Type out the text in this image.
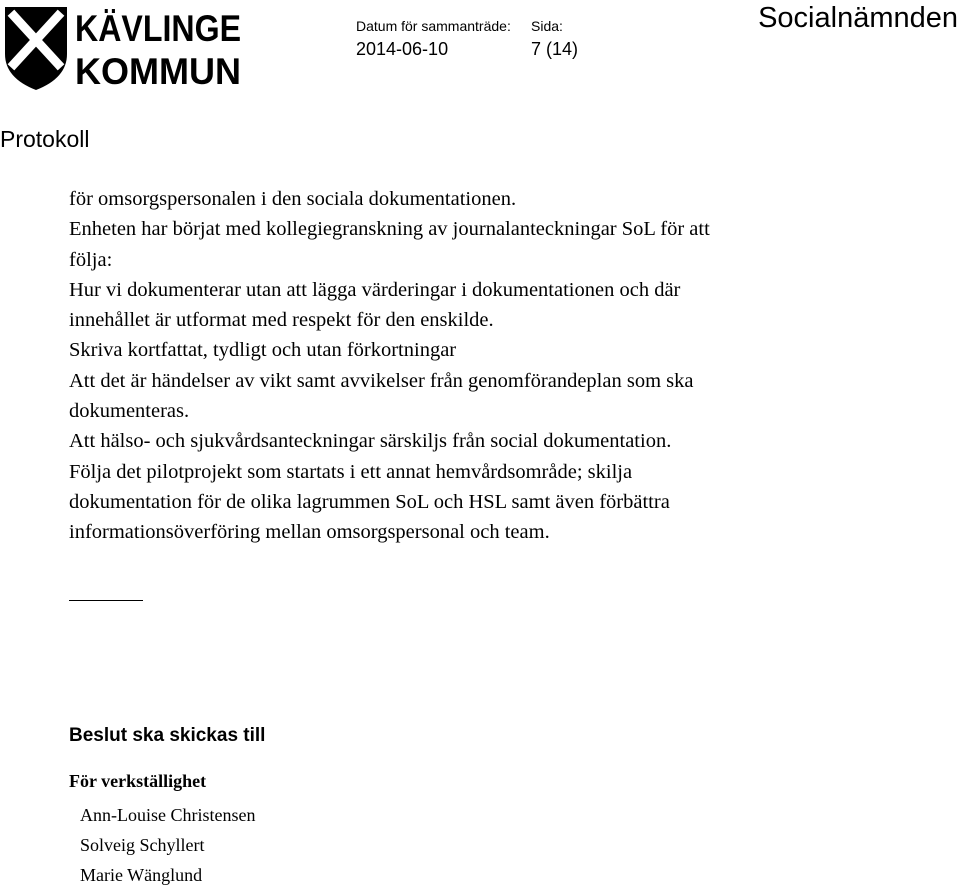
KÄVLINGE
KOMMUN
Datum för sammanträde:
2014-06-10
Sida:
7 (14)
Socialnämnden
Protokoll

för omsorgspersonalen i den sociala dokumentationen.

Enheten har börjat med kollegiegranskning av journalanteckningar SoL för att

följa:

Hur vi dokumenterar utan att lägga värderingar i dokumentationen och där

innehållet är utformat med respekt för den enskilde.

Skriva kortfattat, tydligt och utan förkortningar

Att det är händelser av vikt samt avvikelser från genomförandeplan som ska

dokumenteras.

Att hälso- och sjukvårdsanteckningar särskiljs från social dokumentation.

Följa det pilotprojekt som startats i ett annat hemvårdsområde; skilja

dokumentation för de olika lagrummen SoL och HSL samt även förbättra

informationsöverföring mellan omsorgspersonal och team.

Beslut ska skickas till
För verkställighet
Ann-Louise Christensen
Solveig Schyllert
Marie Wänglund
